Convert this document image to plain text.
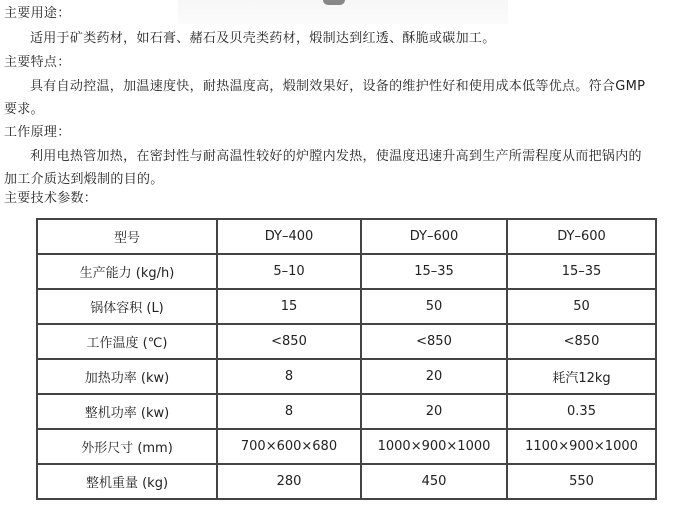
主要用途：
适用于矿类药材，如石膏、赭石及贝壳类药材，煅制达到红透、酥脆或碳加工。
主要特点：
具有自动控温，加温速度快，耐热温度高，煅制效果好，设备的维护性好和使用成本低等优点。符合GMP
要求。
工作原理：
利用电热管加热，在密封性与耐高温性较好的炉膛内发热，使温度迅速升高到生产所需程度从而把锅内的
加工介质达到煅制的目的。
主要技术参数：
型号	DY–400	DY–600	DY–600
生产能力 (kg/h)	5–10	15–35	15–35
锅体容积 (L)	15	50	50
工作温度 (℃)	<850	<850	<850
加热功率 (kw)	8	20	耗汽12kg
整机功率 (kw)	8	20	0.35
外形尺寸 (mm)	700×600×680	1000×900×1000	1100×900×1000
整机重量 (kg)	280	450	550
